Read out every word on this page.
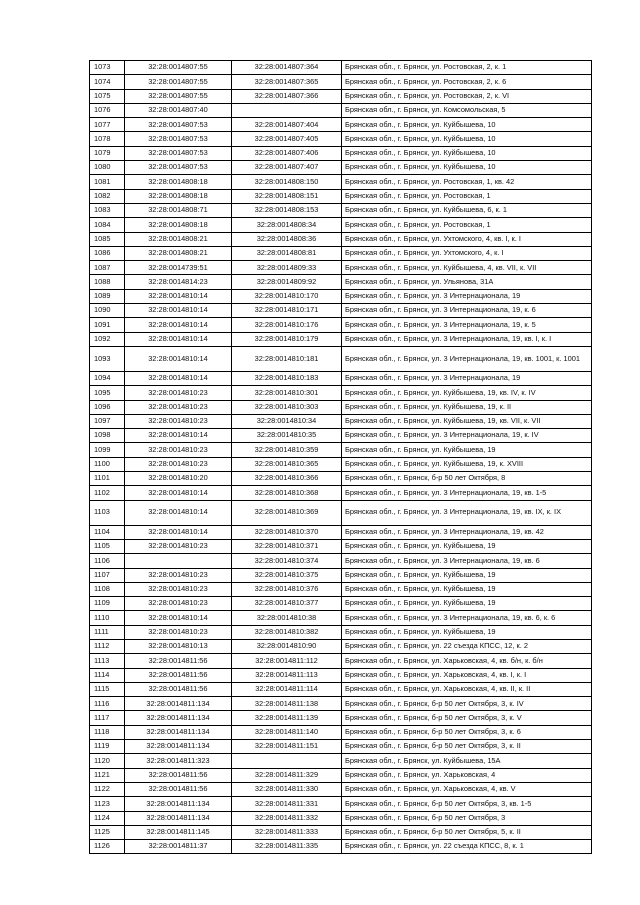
1073	32:28:0014807:55	32:28:0014807:364	Брянская обл., г. Брянск, ул. Ростовская, 2, к. 1
1074	32:28:0014807:55	32:28:0014807:365	Брянская обл., г. Брянск, ул. Ростовская, 2, к. 6
1075	32:28:0014807:55	32:28:0014807:366	Брянская обл., г. Брянск, ул. Ростовская, 2, к. VI
1076	32:28:0014807:40		Брянская обл., г. Брянск, ул. Комсомольская, 5
1077	32:28:0014807:53	32:28:0014807:404	Брянская обл., г. Брянск, ул. Куйбышева, 10
1078	32:28:0014807:53	32:28:0014807:405	Брянская обл., г. Брянск, ул. Куйбышева, 10
1079	32:28:0014807:53	32:28:0014807:406	Брянская обл., г. Брянск, ул. Куйбышева, 10
1080	32:28:0014807:53	32:28:0014807:407	Брянская обл., г. Брянск, ул. Куйбышева, 10
1081	32:28:0014808:18	32:28:0014808:150	Брянская обл., г. Брянск, ул. Ростовская, 1, кв. 42
1082	32:28:0014808:18	32:28:0014808:151	Брянская обл., г. Брянск, ул. Ростовская, 1
1083	32:28:0014808:71	32:28:0014808:153	Брянская обл., г. Брянск, ул. Куйбышева, 6, к. 1
1084	32:28:0014808:18	32:28:0014808:34	Брянская обл., г. Брянск, ул. Ростовская, 1
1085	32:28:0014808:21	32:28:0014808:36	Брянская обл., г. Брянск, ул. Ухтомского, 4, кв. I, к. I
1086	32:28:0014808:21	32:28:0014808:81	Брянская обл., г. Брянск, ул. Ухтомского, 4, к. I
1087	32:28:0014739:51	32:28:0014809:33	Брянская обл., г. Брянск, ул. Куйбышева, 4, кв. VII, к. VII
1088	32:28:0014814:23	32:28:0014809:92	Брянская обл., г. Брянск, ул. Ульянова, 31А
1089	32:28:0014810:14	32:28:0014810:170	Брянская обл., г. Брянск, ул. 3 Интернационала, 19
1090	32:28:0014810:14	32:28:0014810:171	Брянская обл., г. Брянск, ул. 3 Интернационала, 19, к. 6
1091	32:28:0014810:14	32:28:0014810:176	Брянская обл., г. Брянск, ул. 3 Интернационала, 19, к. 5
1092	32:28:0014810:14	32:28:0014810:179	Брянская обл., г. Брянск, ул. 3 Интернационала, 19, кв. I, к. I
1093	32:28:0014810:14	32:28:0014810:181	Брянская обл., г. Брянск, ул. 3 Интернационала, 19, кв. 1001, к. 1001
1094	32:28:0014810:14	32:28:0014810:183	Брянская обл., г. Брянск, ул. 3 Интернационала, 19
1095	32:28:0014810:23	32:28:0014810:301	Брянская обл., г. Брянск, ул. Куйбышева, 19, кв. IV, к. IV
1096	32:28:0014810:23	32:28:0014810:303	Брянская обл., г. Брянск, ул. Куйбышева, 19, к. II
1097	32:28:0014810:23	32:28:0014810:34	Брянская обл., г. Брянск, ул. Куйбышева, 19, кв. VII, к. VII
1098	32:28:0014810:14	32:28:0014810:35	Брянская обл., г. Брянск, ул. 3 Интернационала, 19, к. IV
1099	32:28:0014810:23	32:28:0014810:359	Брянская обл., г. Брянск, ул. Куйбышева, 19
1100	32:28:0014810:23	32:28:0014810:365	Брянская обл., г. Брянск, ул. Куйбышева, 19, к. XVIII
1101	32:28:0014810:20	32:28:0014810:366	Брянская обл., г. Брянск, б-р 50 лет Октября, 8
1102	32:28:0014810:14	32:28:0014810:368	Брянская обл., г. Брянск, ул. 3 Интернационала, 19, кв. 1-5
1103	32:28:0014810:14	32:28:0014810:369	Брянская обл., г. Брянск, ул. 3 Интернационала, 19, кв. IX, к. IX
1104	32:28:0014810:14	32:28:0014810:370	Брянская обл., г. Брянск, ул. 3 Интернационала, 19, кв. 42
1105	32:28:0014810:23	32:28:0014810:371	Брянская обл., г. Брянск, ул. Куйбышева, 19
1106		32:28:0014810:374	Брянская обл., г. Брянск, ул. 3 Интернационала, 19, кв. 6
1107	32:28:0014810:23	32:28:0014810:375	Брянская обл., г. Брянск, ул. Куйбышева, 19
1108	32:28:0014810:23	32:28:0014810:376	Брянская обл., г. Брянск, ул. Куйбышева, 19
1109	32:28:0014810:23	32:28:0014810:377	Брянская обл., г. Брянск, ул. Куйбышева, 19
1110	32:28:0014810:14	32:28:0014810:38	Брянская обл., г. Брянск, ул. 3 Интернационала, 19, кв. 6, к. 6
1111	32:28:0014810:23	32:28:0014810:382	Брянская обл., г. Брянск, ул. Куйбышева, 19
1112	32:28:0014810:13	32:28:0014810:90	Брянская обл., г. Брянск, ул. 22 съезда КПСС, 12, к. 2
1113	32:28:0014811:56	32:28:0014811:112	Брянская обл., г. Брянск, ул. Харьковская, 4, кв. б/н, к. б/н
1114	32:28:0014811:56	32:28:0014811:113	Брянская обл., г. Брянск, ул. Харьковская, 4, кв. I, к. I
1115	32:28:0014811:56	32:28:0014811:114	Брянская обл., г. Брянск, ул. Харьковская, 4, кв. II, к. II
1116	32:28:0014811:134	32:28:0014811:138	Брянская обл., г. Брянск, б-р 50 лет Октября, 3, к. IV
1117	32:28:0014811:134	32:28:0014811:139	Брянская обл., г. Брянск, б-р 50 лет Октября, 3, к. V
1118	32:28:0014811:134	32:28:0014811:140	Брянская обл., г. Брянск, б-р 50 лет Октября, 3, к. 6
1119	32:28:0014811:134	32:28:0014811:151	Брянская обл., г. Брянск, б-р 50 лет Октября, 3, к. II
1120	32:28:0014811:323		Брянская обл., г. Брянск, ул. Куйбышева, 15А
1121	32:28:0014811:56	32:28:0014811:329	Брянская обл., г. Брянск, ул. Харьковская, 4
1122	32:28:0014811:56	32:28:0014811:330	Брянская обл., г. Брянск, ул. Харьковская, 4, кв. V
1123	32:28:0014811:134	32:28:0014811:331	Брянская обл., г. Брянск, б-р 50 лет Октября, 3, кв. 1-5
1124	32:28:0014811:134	32:28:0014811:332	Брянская обл., г. Брянск, б-р 50 лет Октября, 3
1125	32:28:0014811:145	32:28:0014811:333	Брянская обл., г. Брянск, б-р 50 лет Октября, 5, к. II
1126	32:28:0014811:37	32:28:0014811:335	Брянская обл., г. Брянск, ул. 22 съезда КПСС, 8, к. 1
